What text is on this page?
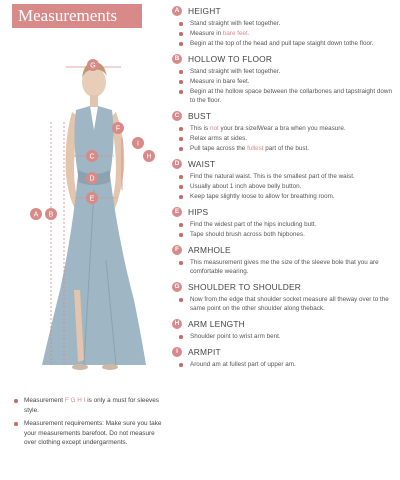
Measurements
G
F
I
C	H
D
A B
E
Measurement F G H I is only a must for sleeves style.
Measurement requirements: Make sure you take your measurements barefoot. Do not measure over clothing except undergarments.
A	HEIGHT
Stand straight with feet together.
Measure in bare feet.
Begin at the top of the head and pull tape staight down tothe floor.
B	HOLLOW TO FLOOR
Stand straight with feet together.
Measure in bare feet.
Begin at the hollow space between the collarbones and tapstraight down to the floor.
C	BUST
This is not your bra sizelWear a bra when you measure.
Relax arms at sides.
Pull tape across the fullest part of the bust.
D	WAIST
Find the natural waist. This is the smallest part of the waist.
Usually about 1 inch above belly button.
Keep tape slightly loose to allow for breathing room.
E	HIPS
Find the widest part of the hips including butt.
Tape should brush across both hipbones.
F	ARMHOLE
This measurement gives me the size of the sleeve bole that you are comfortable wearing.
G SHOULDER TO SHOULDER
Now from the edge that shoulder socket measure all theway over to the same point on the other shoulder along theback.
H	ARM LENGTH
Shoulder point to wrist arm bent.
I	ARMPIT
Around am at fullest part of upper am.
